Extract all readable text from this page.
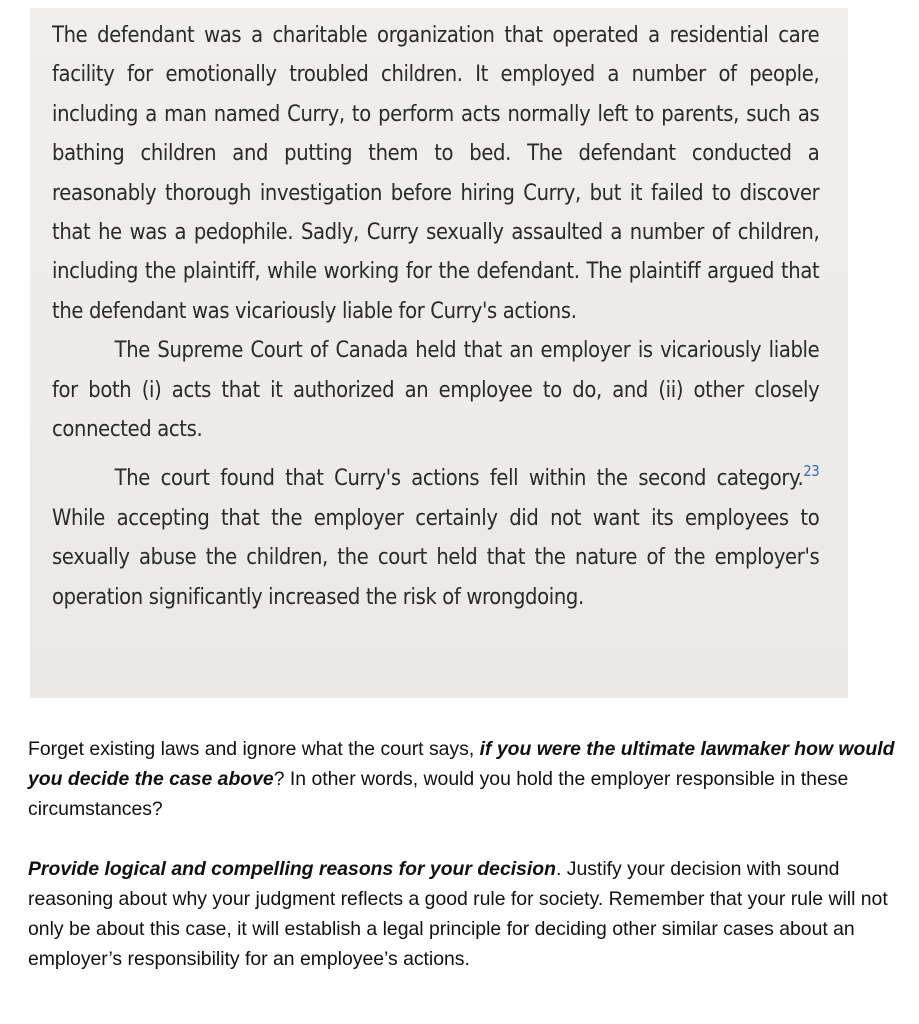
The defendant was a charitable organization that operated a residential care facility for emotionally troubled children. It employed a number of people, including a man named Curry, to perform acts normally left to parents, such as bathing children and putting them to bed. The defendant conducted a reasonably thorough investigation before hiring Curry, but it failed to discover that he was a pedophile. Sadly, Curry sexually assaulted a number of children, including the plaintiff, while working for the defendant. The plaintiff argued that the defendant was vicariously liable for Curry's actions.

The Supreme Court of Canada held that an employer is vicariously liable for both (i) acts that it authorized an employee to do, and (ii) other closely connected acts.

The court found that Curry's actions fell within the second category.$^{23}$ While accepting that the employer certainly did not want its employees to sexually abuse the children, the court held that the nature of the employer's operation significantly increased the risk of wrongdoing.

Forget existing laws and ignore what the court says, if you were the ultimate lawmaker how would you decide the case above? In other words, would you hold the employer responsible in these circumstances?

Provide logical and compelling reasons for your decision. Justify your decision with sound reasoning about why your judgment reflects a good rule for society. Remember that your rule will not only be about this case, it will establish a legal principle for deciding other similar cases about an employer’s responsibility for an employee’s actions.
